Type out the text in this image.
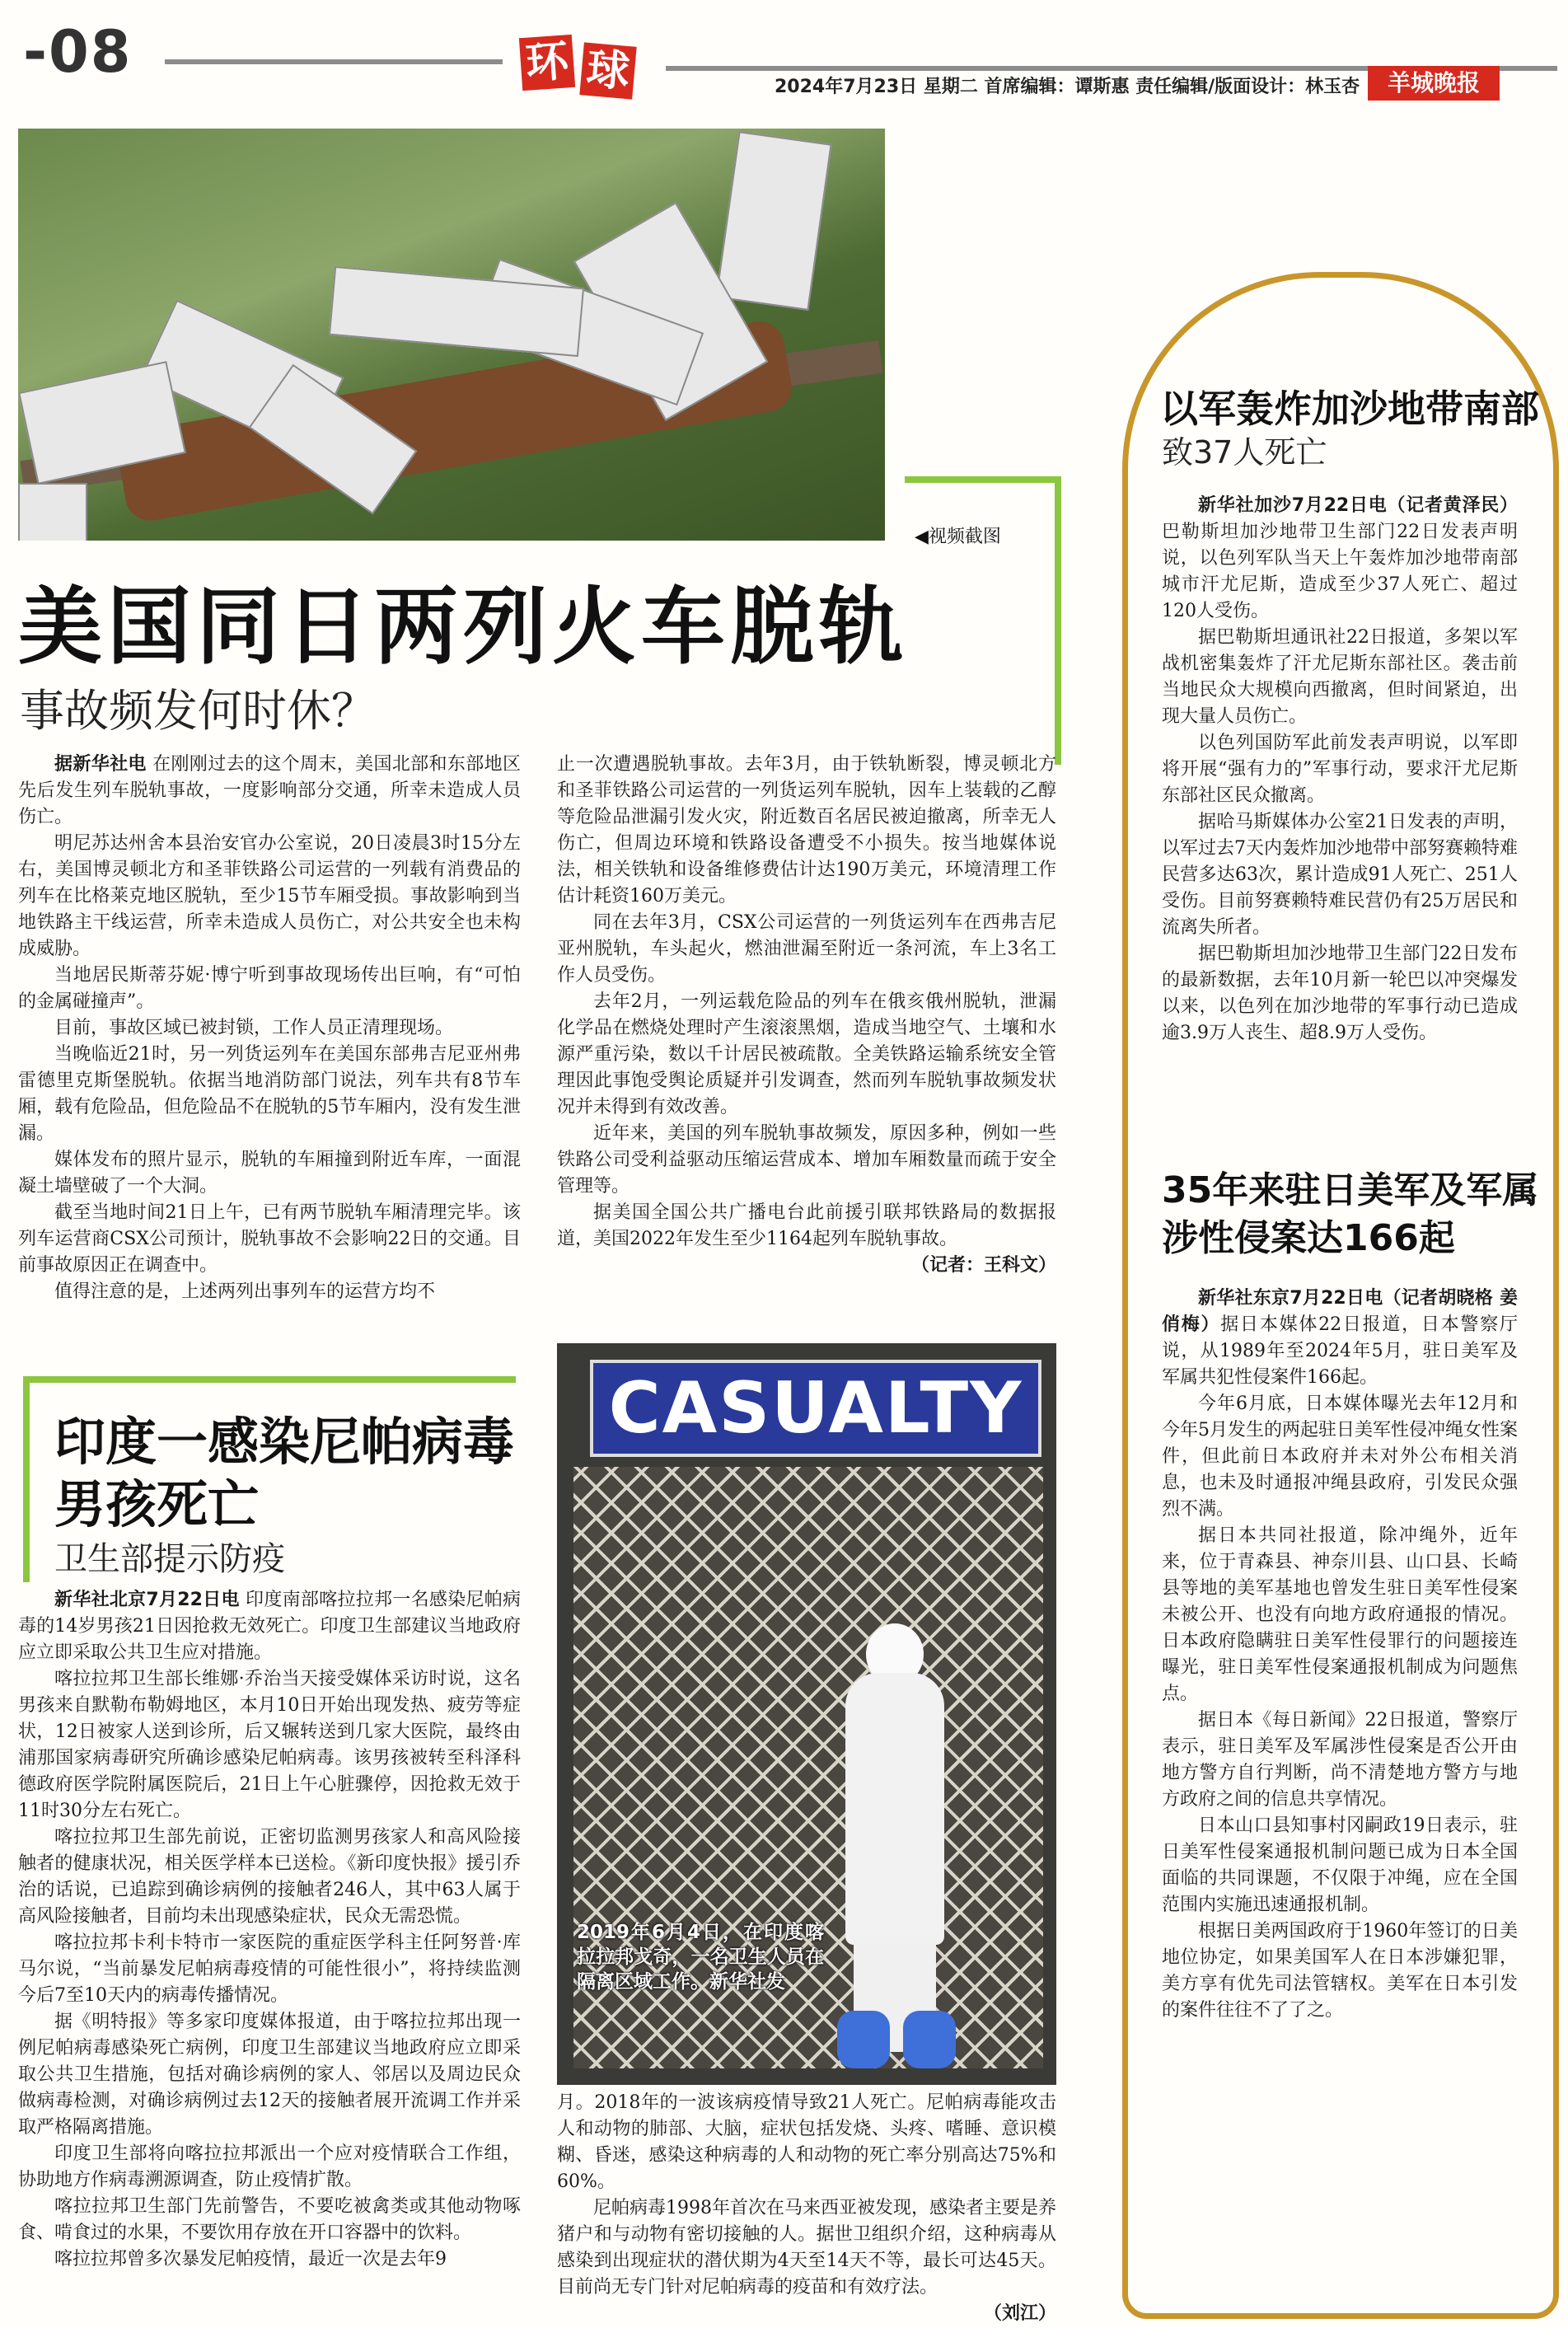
-08	环 球	2024年7月23日 星期二 首席编辑：谭斯惠 责任编辑/版面设计：林玉杏	羊城晚报
◀视频截图
美国同日两列火车脱轨
事故频发何时休？

据新华社电 在刚刚过去的这个周末，美国北部和东部地区先后发生列车脱轨事故，一度影响部分交通，所幸未造成人员伤亡。

明尼苏达州舍本县治安官办公室说，20日凌晨3时15分左右，美国博灵顿北方和圣菲铁路公司运营的一列载有消费品的列车在比格莱克地区脱轨，至少15节车厢受损。事故影响到当地铁路主干线运营，所幸未造成人员伤亡，对公共安全也未构成威胁。

当地居民斯蒂芬妮·博宁听到事故现场传出巨响，有“可怕的金属碰撞声”。

目前，事故区域已被封锁，工作人员正清理现场。

当晚临近21时，另一列货运列车在美国东部弗吉尼亚州弗雷德里克斯堡脱轨。依据当地消防部门说法，列车共有8节车厢，载有危险品，但危险品不在脱轨的5节车厢内，没有发生泄漏。

媒体发布的照片显示，脱轨的车厢撞到附近车库，一面混凝土墙壁破了一个大洞。

截至当地时间21日上午，已有两节脱轨车厢清理完毕。该列车运营商CSX公司预计，脱轨事故不会影响22日的交通。目前事故原因正在调查中。

值得注意的是，上述两列出事列车的运营方均不

止一次遭遇脱轨事故。去年3月，由于铁轨断裂，博灵顿北方和圣菲铁路公司运营的一列货运列车脱轨，因车上装载的乙醇等危险品泄漏引发火灾，附近数百名居民被迫撤离，所幸无人伤亡，但周边环境和铁路设备遭受不小损失。按当地媒体说法，相关铁轨和设备维修费估计达190万美元，环境清理工作估计耗资160万美元。

同在去年3月，CSX公司运营的一列货运列车在西弗吉尼亚州脱轨，车头起火，燃油泄漏至附近一条河流，车上3名工作人员受伤。

去年2月，一列运载危险品的列车在俄亥俄州脱轨，泄漏化学品在燃烧处理时产生滚滚黑烟，造成当地空气、土壤和水源严重污染，数以千计居民被疏散。全美铁路运输系统安全管理因此事饱受舆论质疑并引发调查，然而列车脱轨事故频发状况并未得到有效改善。

近年来，美国的列车脱轨事故频发，原因多种，例如一些铁路公司受利益驱动压缩运营成本、增加车厢数量而疏于安全管理等。

据美国全国公共广播电台此前援引联邦铁路局的数据报道，美国2022年发生至少1164起列车脱轨事故。

（记者：王科文）

印度一感染尼帕病毒男孩死亡
卫生部提示防疫

新华社北京7月22日电 印度南部喀拉拉邦一名感染尼帕病毒的14岁男孩21日因抢救无效死亡。印度卫生部建议当地政府应立即采取公共卫生应对措施。

喀拉拉邦卫生部长维娜·乔治当天接受媒体采访时说，这名男孩来自默勒布勒姆地区，本月10日开始出现发热、疲劳等症状，12日被家人送到诊所，后又辗转送到几家大医院，最终由浦那国家病毒研究所确诊感染尼帕病毒。该男孩被转至科泽科德政府医学院附属医院后，21日上午心脏骤停，因抢救无效于11时30分左右死亡。

喀拉拉邦卫生部先前说，正密切监测男孩家人和高风险接触者的健康状况，相关医学样本已送检。《新印度快报》援引乔治的话说，已追踪到确诊病例的接触者246人，其中63人属于高风险接触者，目前均未出现感染症状，民众无需恐慌。

喀拉拉邦卡利卡特市一家医院的重症医学科主任阿努普·库马尔说，“当前暴发尼帕病毒疫情的可能性很小”，将持续监测今后7至10天内的病毒传播情况。

据《明特报》等多家印度媒体报道，由于喀拉拉邦出现一例尼帕病毒感染死亡病例，印度卫生部建议当地政府应立即采取公共卫生措施，包括对确诊病例的家人、邻居以及周边民众做病毒检测，对确诊病例过去12天的接触者展开流调工作并采取严格隔离措施。

印度卫生部将向喀拉拉邦派出一个应对疫情联合工作组，协助地方作病毒溯源调查，防止疫情扩散。

喀拉拉邦卫生部门先前警告，不要吃被禽类或其他动物啄食、啃食过的水果，不要饮用存放在开口容器中的饮料。

喀拉拉邦曾多次暴发尼帕疫情，最近一次是去年9

CASUALTY
2019年6月4日，在印度喀拉拉邦戈奇，一名卫生人员在隔离区域工作。新华社发

月。2018年的一波该病疫情导致21人死亡。尼帕病毒能攻击人和动物的肺部、大脑，症状包括发烧、头疼、嗜睡、意识模糊、昏迷，感染这种病毒的人和动物的死亡率分别高达75%和60%。

尼帕病毒1998年首次在马来西亚被发现，感染者主要是养猪户和与动物有密切接触的人。据世卫组织介绍，这种病毒从感染到出现症状的潜伏期为4天至14天不等，最长可达45天。目前尚无专门针对尼帕病毒的疫苗和有效疗法。

（刘江）

以军轰炸加沙地带南部
致37人死亡

新华社加沙7月22日电（记者黄泽民）巴勒斯坦加沙地带卫生部门22日发表声明说，以色列军队当天上午轰炸加沙地带南部城市汗尤尼斯，造成至少37人死亡、超过120人受伤。

据巴勒斯坦通讯社22日报道，多架以军战机密集轰炸了汗尤尼斯东部社区。袭击前当地民众大规模向西撤离，但时间紧迫，出现大量人员伤亡。

以色列国防军此前发表声明说，以军即将开展“强有力的”军事行动，要求汗尤尼斯东部社区民众撤离。

据哈马斯媒体办公室21日发表的声明，以军过去7天内轰炸加沙地带中部努赛赖特难民营多达63次，累计造成91人死亡、251人受伤。目前努赛赖特难民营仍有25万居民和流离失所者。

据巴勒斯坦加沙地带卫生部门22日发布的最新数据，去年10月新一轮巴以冲突爆发以来，以色列在加沙地带的军事行动已造成逾3.9万人丧生、超8.9万人受伤。

35年来驻日美军及军属涉性侵案达166起

新华社东京7月22日电（记者胡晓格 姜俏梅）据日本媒体22日报道，日本警察厅说，从1989年至2024年5月，驻日美军及军属共犯性侵案件166起。

今年6月底，日本媒体曝光去年12月和今年5月发生的两起驻日美军性侵冲绳女性案件，但此前日本政府并未对外公布相关消息，也未及时通报冲绳县政府，引发民众强烈不满。

据日本共同社报道，除冲绳外，近年来，位于青森县、神奈川县、山口县、长崎县等地的美军基地也曾发生驻日美军性侵案未被公开、也没有向地方政府通报的情况。日本政府隐瞒驻日美军性侵罪行的问题接连曝光，驻日美军性侵案通报机制成为问题焦点。

据日本《每日新闻》22日报道，警察厅表示，驻日美军及军属涉性侵案是否公开由地方警方自行判断，尚不清楚地方警方与地方政府之间的信息共享情况。

日本山口县知事村冈嗣政19日表示，驻日美军性侵案通报机制问题已成为日本全国面临的共同课题，不仅限于冲绳，应在全国范围内实施迅速通报机制。

根据日美两国政府于1960年签订的日美地位协定，如果美国军人在日本涉嫌犯罪，美方享有优先司法管辖权。美军在日本引发的案件往往不了了之。
